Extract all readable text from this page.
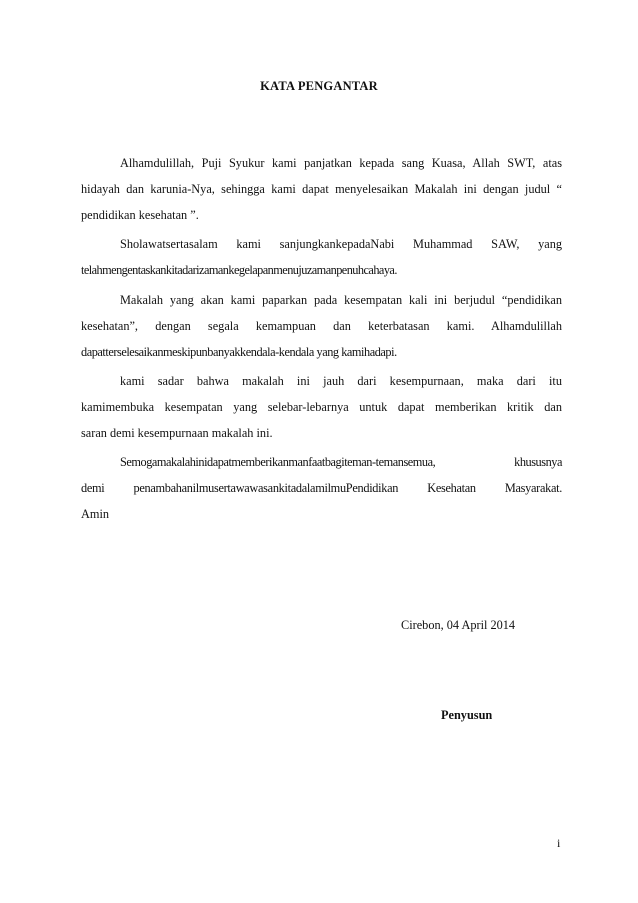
KATA PENGANTAR
Alhamdulillah, Puji Syukur kami panjatkan kepada sang Kuasa, Allah SWT, atas
hidayah dan karunia-Nya, sehingga kami dapat menyelesaikan Makalah ini dengan judul “
pendidikan kesehatan ”.
Sholawatsertasalam kami sanjungkankepadaNabi Muhammad SAW, yang
telahmengentaskankitadarizamankegelapanmenujuzamanpenuhcahaya.
Makalah yang akan kami paparkan pada kesempatan kali ini berjudul “pendidikan
kesehatan”, dengan segala kemampuan dan keterbatasan kami. Alhamdulillah
dapatterselesaikanmeskipunbanyakkendala-kendala yang kamihadapi.
kami sadar bahwa makalah ini jauh dari kesempurnaan, maka dari itu
kamimembuka kesempatan yang selebar-lebarnya untuk dapat memberikan kritik dan
saran demi kesempurnaan makalah ini.
Semogamakalahinidapatmemberikanmanfaatbagiteman-temansemua, khususnya
demi penambahanilmusertawawasankitadalamilmuPendidikan Kesehatan Masyarakat.
Amin
Cirebon, 04 April 2014
Penyusun
i
